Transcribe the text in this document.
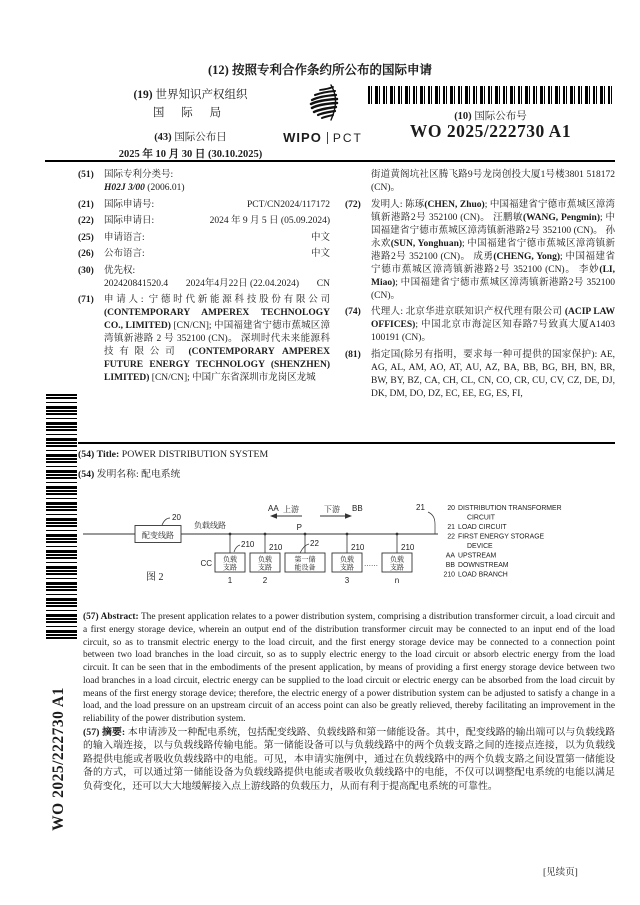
(12) 按照专利合作条约所公布的国际申请
(19) 世界知识产权组织
国 际 局
(43) 国际公布日
2025 年 10 月 30 日 (30.10.2025)
WIPO PCT
(10) 国际公布号
WO 2025/222730 A1
WO 2025/222730 A1
(51)	国际专利分类号:
H02J 3/00 (2006.01)
(21)	国际申请号:	PCT/CN2024/117172
(22)	国际申请日:	2024 年 9 月 5 日 (05.09.2024)
(25)	申请语言:	中文
(26)	公布语言:	中文
(30)	优先权:
202420841520.4 2024年4月22日 (22.04.2024) CN
(71)	申请人: 宁德时代新能源科技股份有限公司 (CONTEMPORARY AMPEREX TECHNOLOGY CO., LIMITED) [CN/CN]; 中国福建省宁德市蕉城区漳湾镇新港路 2 号 352100 (CN)。 深圳时代未来能源科技有限公司 (CONTEMPORARY AMPEREX FUTURE ENERGY TECHNOLOGY (SHENZHEN) LIMITED) [CN/CN]; 中国广东省深圳市龙岗区龙城
街道黄阁坑社区腾飞路9号龙岗创投大厦1号楼3801 518172 (CN)。
(72)	发明人: 陈琢(CHEN, Zhuo); 中国福建省宁德市蕉城区漳湾镇新港路2号 352100 (CN)。 汪鹏敏(WANG, Pengmin); 中国福建省宁德市蕉城区漳湾镇新港路2号 352100 (CN)。 孙永欢(SUN, Yonghuan); 中国福建省宁德市蕉城区漳湾镇新港路2号 352100 (CN)。 成勇(CHENG, Yong); 中国福建省宁德市蕉城区漳湾镇新港路2号 352100 (CN)。 李妙(LI, Miao); 中国福建省宁德市蕉城区漳湾镇新港路2号 352100 (CN)。
(74)	代理人: 北京华进京联知识产权代理有限公司 (ACIP LAW OFFICES); 中国北京市海淀区知春路7号致真大厦A1403 100191 (CN)。
(81)	指定国(除另有指明，要求每一种可提供的国家保护): AE, AG, AL, AM, AO, AT, AU, AZ, BA, BB, BG, BH, BN, BR, BW, BY, BZ, CA, CH, CL, CN, CO, CR, CU, CV, CZ, DE, DJ, DK, DM, DO, DZ, EC, EE, EG, ES, FI,
(54) Title: POWER DISTRIBUTION SYSTEM
(54) 发明名称: 配电系统
20
配变线路
负载线路
21
AA 上游	下游 BB
P
CC
210 210	22	210	210
负载
支路
负载
支路
第一储
能设备
负载
支路
负载
支路
……
1	2	3	n
图 2
20 DISTRIBUTION TRANSFORMER
CIRCUIT
21 LOAD CIRCUIT
22 FIRST ENERGY STORAGE
DEVICE
AA UPSTREAM
BB DOWNSTREAM
210 LOAD BRANCH
(57) Abstract: The present application relates to a power distribution system, comprising a distribution transformer circuit, a load circuit and a first energy storage device, wherein an output end of the distribution transformer circuit may be connected to an input end of the load circuit, so as to transmit electric energy to the load circuit, and the first energy storage device may be connected to a connection point between two load branches in the load circuit, so as to supply electric energy to the load circuit or absorb electric energy from the load circuit. It can be seen that in the embodiments of the present application, by means of providing a first energy storage device between two load branches in a load circuit, electric energy can be supplied to the load circuit or electric energy can be absorbed from the load circuit by means of the first energy storage device; therefore, the electric energy of a power distribution system can be adjusted to satisfy a change in a load, and the load pressure on an upstream circuit of an access point can also be greatly relieved, thereby facilitating an improvement in the reliability of the power distribution system.
(57) 摘要: 本申请涉及一种配电系统，包括配变线路、负载线路和第一储能设备。其中，配变线路的输出端可以与负载线路的输入端连接，以与负载线路传输电能。第一储能设备可以与负载线路中的两个负载支路之间的连接点连接，以为负载线路提供电能或者吸收负载线路中的电能。可见，本申请实施例中，通过在负载线路中的两个负载支路之间设置第一储能设备的方式，可以通过第一储能设备为负载线路提供电能或者吸收负载线路中的电能，不仅可以调整配电系统的电能以满足负荷变化，还可以大大地缓解接入点上游线路的负载压力，从而有利于提高配电系统的可靠性。
[见续页]
